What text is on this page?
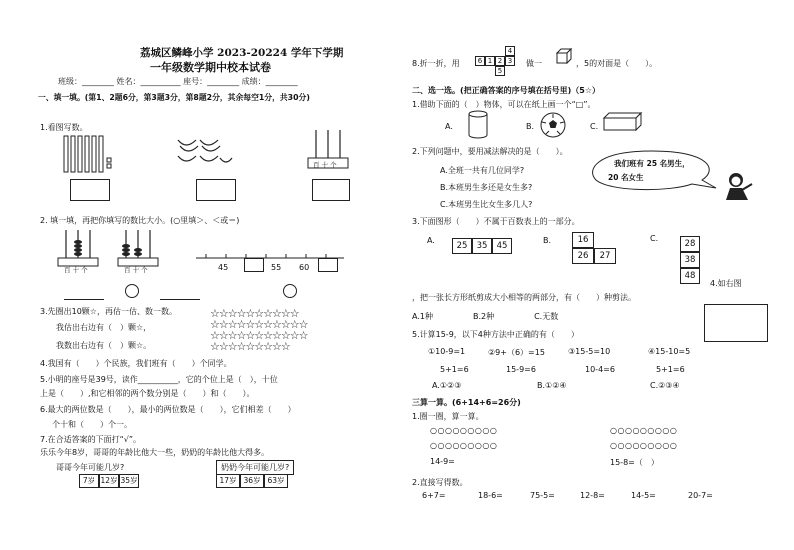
荔城区鳞峰小学 2023-20224 学年下学期
一年级数学期中校本试卷
班级：________ 姓名：__________ 座号：________ 成绩：________
一、填一填。(第1、2题6分，第3题3分，第8题2分，其余每空1分，共30分)
1.看图写数。
百 十 个
2. 填一填，再把你填写的数比大小。(○里填＞、＜或＝)
百 十 个	百 十 个	45	55 60
3.先圈出10颗☆，再估一估、数一数。
我估出右边有（　）颗☆，
我数出右边有（　）颗☆。
☆☆☆☆☆☆☆☆☆☆
☆☆☆☆☆☆☆☆☆☆☆
☆☆☆☆☆☆☆☆☆☆☆
☆☆☆☆☆☆☆☆☆
4.我国有（　　）个民族，我们班有（　　）个同学。
5.小明的座号是39号，读作__________，它的个位上是（　），十位
上是（　　）,和它相邻的两个数分别是（　　）和（　　）。
6.最大的两位数是（　　），最小的两位数是（　　），它们相差（　　）
个十和（　　）个一。
7.在合适答案的下面打“√”。
乐乐今年8岁，哥哥的年龄比他大一些，奶奶的年龄比他大得多。
哥哥今年可能几岁?	奶奶今年可能几岁?
7岁 12岁 35岁	17岁 36岁 63岁
8.折一折，用
4
6 1 2 3
5
做一	，5的对面是（　　）。
二、选一选。(把正确答案的序号填在括号里)（5☆）
1.借助下面的（　）物体，可以在纸上画一个“□”。
A.	B.	C.
2.下列问题中，要用减法解决的是（　　）。
A.全班一共有几位同学?
B.本班男生多还是女生多?
C.本班男生比女生多几人?
我们班有 25 名男生，
20 名女生
3.下面图形（　　）不属于百数表上的一部分。
A.
25 35 45
B.	16
26	27
C.
28
38
48
4.如右图
，把一张长方形纸剪成大小相等的两部分，有（　　）种剪法。
A.1种　　　　　B.2种　　　　　C.无数
5.计算15-9，以下4种方法中正确的有（　　）
①10-9=1	②9+（6）=15	③15-5=10	④15-10=5
5+1=6	15-9=6	10-4=6	5+1=6
A.①②③	B.①②④	C.②③④
三算一算。(6+14+6=26分)
1.圈一圈，算一算。
○○○○○○○○○
○○○○○○○○○
○○○○○○○○○
○○○○○○○○○
14-9=	15-8=（　）
2.直接写得数。
6+7=	18-6=	75-5=	12-8=	14-5=	20-7=
